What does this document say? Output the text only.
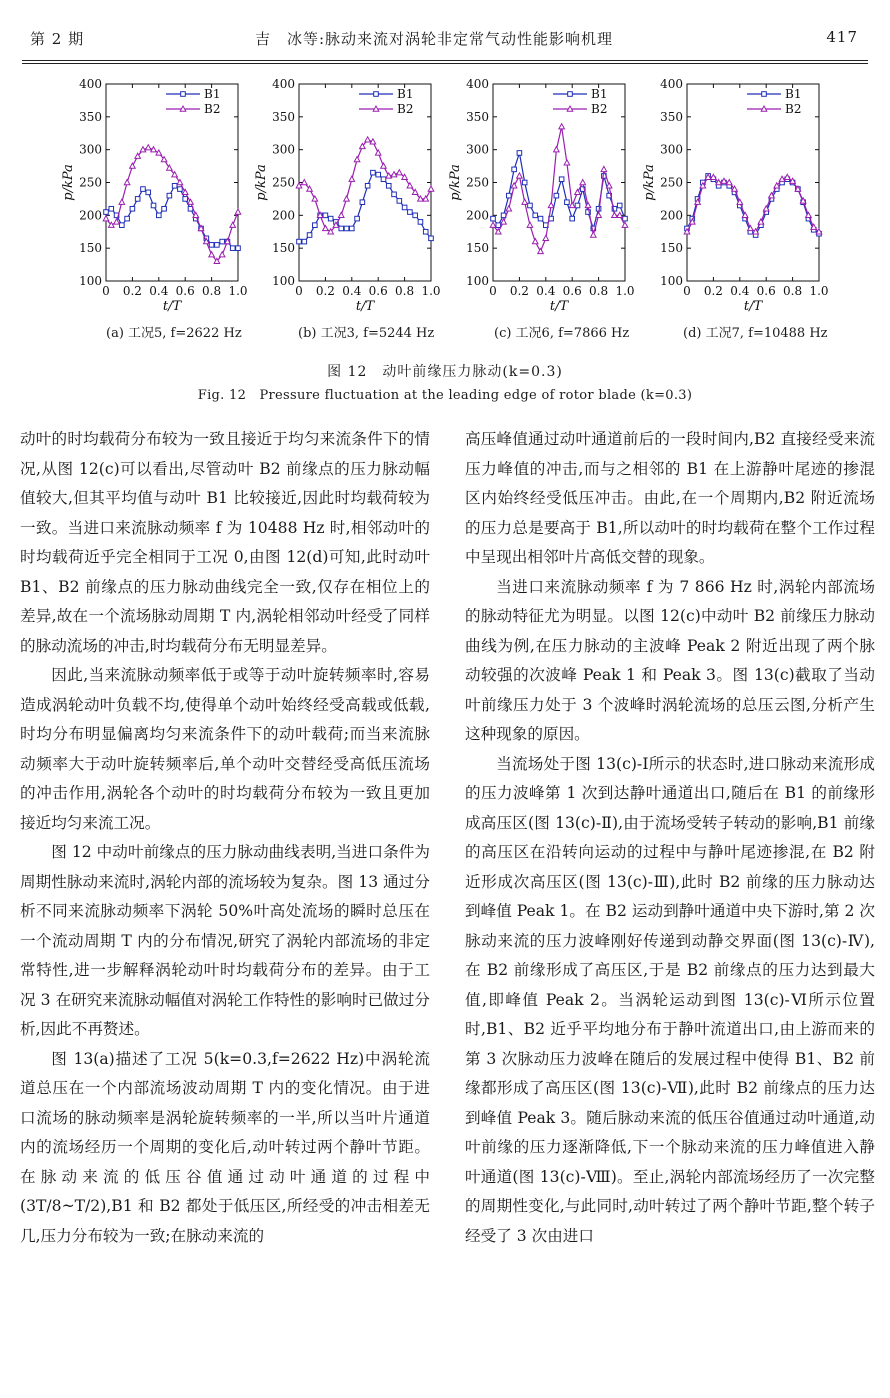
第 2 期	吉　冰等:脉动来流对涡轮非定常气动性能影响机理	417
100
150
200
250
300
350
400
0 0.2 0.4 0.6 0.8 1.0
t/T
p/kPa
B1
B2
100
150
200
250
300
350
400
0 0.2 0.4 0.6 0.8 1.0
t/T
p/kPa
B1
B2
100
150
200
250
300
350
400
0 0.2 0.4 0.6 0.8 1.0
t/T
p/kPa
B1
B2
100
150
200
250
300
350
400
0 0.2 0.4 0.6 0.8 1.0
t/T
p/kPa
B1
B2
(a) 工况5, f=2622 Hz	(b) 工况3, f=5244 Hz	(c) 工况6, f=7866 Hz	(d) 工况7, f=10488 Hz
图 12　动叶前缘压力脉动(k=0.3)
Fig. 12　Pressure fluctuation at the leading edge of rotor blade (k=0.3)

动叶的时均载荷分布较为一致且接近于均匀来流条件下的情况,从图 12(c)可以看出,尽管动叶 B2 前缘点的压力脉动幅值较大,但其平均值与动叶 B1 比较接近,因此时均载荷较为一致。当进口来流脉动频率 f 为 10488 Hz 时,相邻动叶的时均载荷近乎完全相同于工况 0,由图 12(d)可知,此时动叶 B1、B2 前缘点的压力脉动曲线完全一致,仅存在相位上的差异,故在一个流场脉动周期 T 内,涡轮相邻动叶经受了同样的脉动流场的冲击,时均载荷分布无明显差异。

因此,当来流脉动频率低于或等于动叶旋转频率时,容易造成涡轮动叶负载不均,使得单个动叶始终经受高载或低载,时均分布明显偏离均匀来流条件下的动叶载荷;而当来流脉动频率大于动叶旋转频率后,单个动叶交替经受高低压流场的冲击作用,涡轮各个动叶的时均载荷分布较为一致且更加接近均匀来流工况。

图 12 中动叶前缘点的压力脉动曲线表明,当进口条件为周期性脉动来流时,涡轮内部的流场较为复杂。图 13 通过分析不同来流脉动频率下涡轮 50%叶高处流场的瞬时总压在一个流动周期 T 内的分布情况,研究了涡轮内部流场的非定常特性,进一步解释涡轮动叶时均载荷分布的差异。由于工况 3 在研究来流脉动幅值对涡轮工作特性的影响时已做过分析,因此不再赘述。

图 13(a)描述了工况 5(k=0.3,f=2622 Hz)中涡轮流道总压在一个内部流场波动周期 T 内的变化情况。由于进口流场的脉动频率是涡轮旋转频率的一半,所以当叶片通道内的流场经历一个周期的变化后,动叶转过两个静叶节距。在脉动来流的低压谷值通过动叶通道的过程中(3T/8~T/2),B1 和 B2 都处于低压区,所经受的冲击相差无几,压力分布较为一致;在脉动来流的

高压峰值通过动叶通道前后的一段时间内,B2 直接经受来流压力峰值的冲击,而与之相邻的 B1 在上游静叶尾迹的掺混区内始终经受低压冲击。由此,在一个周期内,B2 附近流场的压力总是要高于 B1,所以动叶的时均载荷在整个工作过程中呈现出相邻叶片高低交替的现象。

当进口来流脉动频率 f 为 7 866 Hz 时,涡轮内部流场的脉动特征尤为明显。以图 12(c)中动叶 B2 前缘压力脉动曲线为例,在压力脉动的主波峰 Peak 2 附近出现了两个脉动较强的次波峰 Peak 1 和 Peak 3。图 13(c)截取了当动叶前缘压力处于 3 个波峰时涡轮流场的总压云图,分析产生这种现象的原因。

当流场处于图 13(c)-Ⅰ所示的状态时,进口脉动来流形成的压力波峰第 1 次到达静叶通道出口,随后在 B1 的前缘形成高压区(图 13(c)-Ⅱ),由于流场受转子转动的影响,B1 前缘的高压区在沿转向运动的过程中与静叶尾迹掺混,在 B2 附近形成次高压区(图 13(c)-Ⅲ),此时 B2 前缘的压力脉动达到峰值 Peak 1。在 B2 运动到静叶通道中央下游时,第 2 次脉动来流的压力波峰刚好传递到动静交界面(图 13(c)-Ⅳ),在 B2 前缘形成了高压区,于是 B2 前缘点的压力达到最大值,即峰值 Peak 2。当涡轮运动到图 13(c)-Ⅵ所示位置时,B1、B2 近乎平均地分布于静叶流道出口,由上游而来的第 3 次脉动压力波峰在随后的发展过程中使得 B1、B2 前缘都形成了高压区(图 13(c)-Ⅶ),此时 B2 前缘点的压力达到峰值 Peak 3。随后脉动来流的低压谷值通过动叶通道,动叶前缘的压力逐渐降低,下一个脉动来流的压力峰值进入静叶通道(图 13(c)-Ⅷ)。至止,涡轮内部流场经历了一次完整的周期性变化,与此同时,动叶转过了两个静叶节距,整个转子经受了 3 次由进口
